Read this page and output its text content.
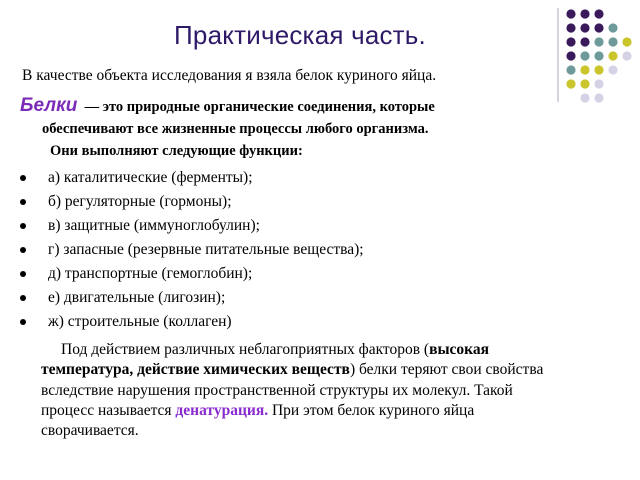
Практическая часть.
В качестве объекта исследования я взяла белок куриного яйца.
Белки — это природные органические соединения, которые
обеспечивают все жизненные процессы любого организма.
Они выполняют следующие функции:
а) каталитические (ферменты);
б) регуляторные (гормоны);
в) защитные (иммуноглобулин);
г) запасные (резервные питательные вещества);
д) транспортные (гемоглобин);
е) двигательные (лигозин);
ж) строительные (коллаген)
Под действием различных неблагоприятных факторов (высокая температура, действие химических веществ) белки теряют свои свойства вследствие нарушения пространственной структуры их молекул. Такой процесс называется денатурация. При этом белок куриного яйца сворачивается.
